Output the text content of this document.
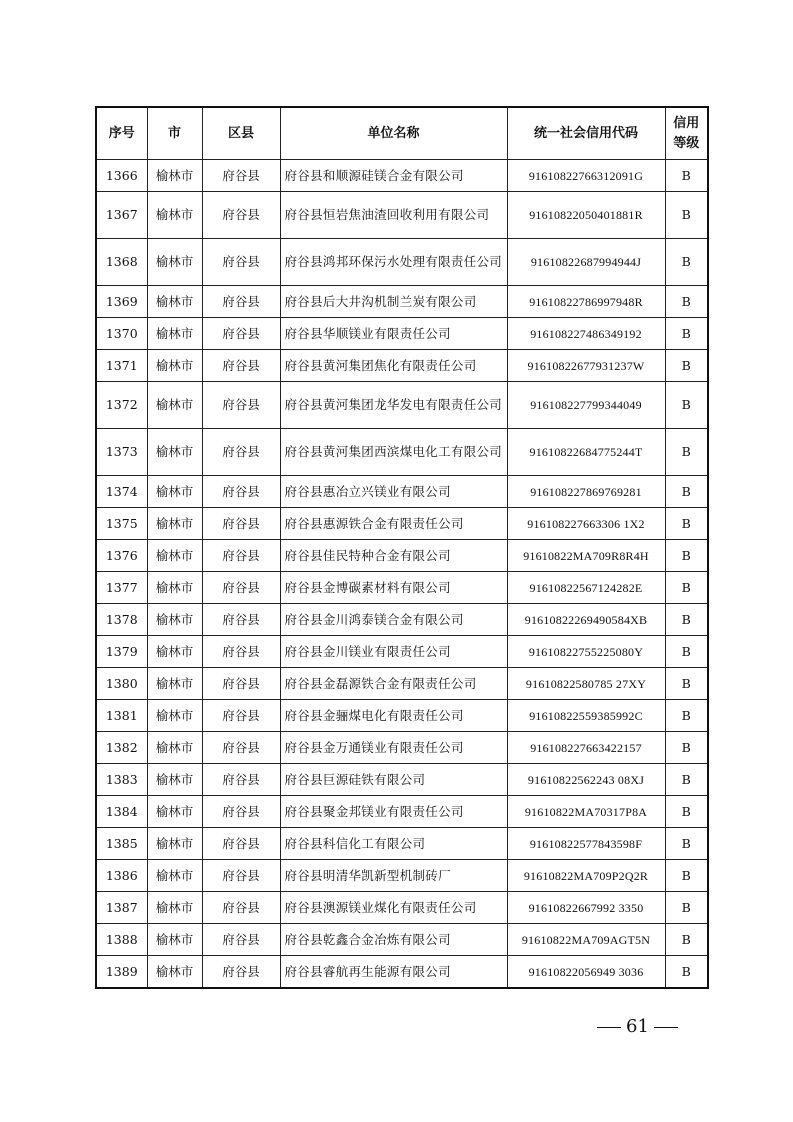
序号	市	区县	单位名称	统一社会信用代码	信用
等级
1366	榆林市	府谷县	府谷县和顺源硅镁合金有限公司	91610822766312091G	B
1367	榆林市	府谷县	府谷县恒岩焦油渣回收利用有限公司	91610822050401881R	B
1368	榆林市	府谷县	府谷县鸿邦环保污水处理有限责任公司	91610822687994944J	B
1369	榆林市	府谷县	府谷县后大井沟机制兰炭有限公司	91610822786997948R	B
1370	榆林市	府谷县	府谷县华顺镁业有限责任公司	916108227486349192	B
1371	榆林市	府谷县	府谷县黄河集团焦化有限责任公司	91610822677931237W	B
1372	榆林市	府谷县	府谷县黄河集团龙华发电有限责任公司	916108227799344049	B
1373	榆林市	府谷县	府谷县黄河集团西滨煤电化工有限公司	91610822684775244T	B
1374	榆林市	府谷县	府谷县惠冶立兴镁业有限公司	916108227869769281	B
1375	榆林市	府谷县	府谷县惠源铁合金有限责任公司	916108227663306 1X2	B
1376	榆林市	府谷县	府谷县佳民特种合金有限公司	91610822MA709R8R4H	B
1377	榆林市	府谷县	府谷县金博碳素材料有限公司	91610822567124282E	B
1378	榆林市	府谷县	府谷县金川鸿泰镁合金有限公司	91610822269490584XB	B
1379	榆林市	府谷县	府谷县金川镁业有限责任公司	91610822755225080Y	B
1380	榆林市	府谷县	府谷县金磊源铁合金有限责任公司	91610822580785 27XY	B
1381	榆林市	府谷县	府谷县金骊煤电化有限责任公司	91610822559385992C	B
1382	榆林市	府谷县	府谷县金万通镁业有限责任公司	916108227663422157	B
1383	榆林市	府谷县	府谷县巨源硅铁有限公司	91610822562243 08XJ	B
1384	榆林市	府谷县	府谷县聚金邦镁业有限责任公司	91610822MA70317P8A	B
1385	榆林市	府谷县	府谷县科信化工有限公司	91610822577843598F	B
1386	榆林市	府谷县	府谷县明清华凯新型机制砖厂	91610822MA709P2Q2R	B
1387	榆林市	府谷县	府谷县澳源镁业煤化有限责任公司	91610822667992 3350	B
1388	榆林市	府谷县	府谷县乾鑫合金冶炼有限公司	91610822MA709AGT5N	B
1389	榆林市	府谷县	府谷县睿航再生能源有限公司	91610822056949 3036	B
61
